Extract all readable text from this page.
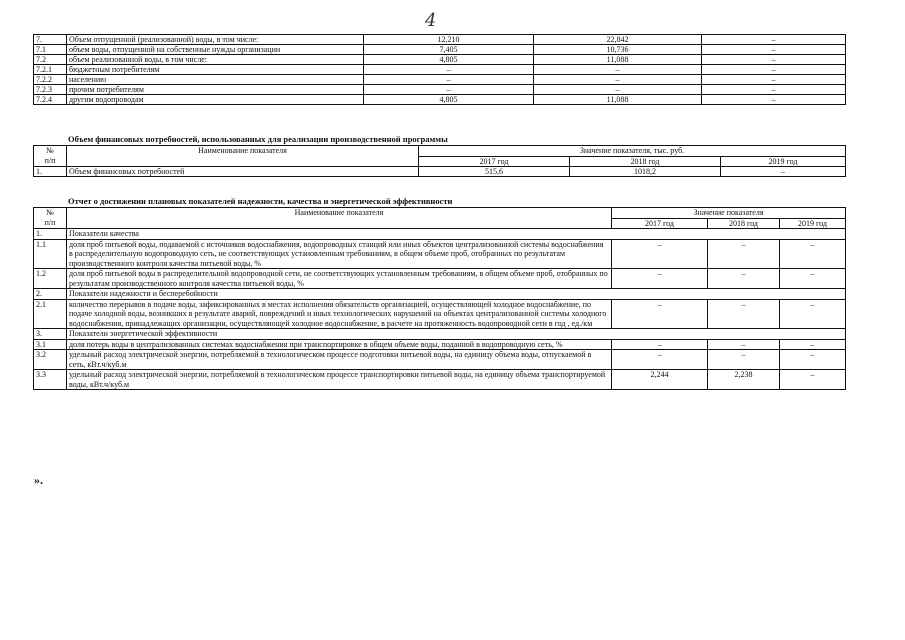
4
7.	Объем отпущенной (реализованной) воды, в том числе:	12,210	22,842	–
7.1	объем воды, отпущенной на собственные нужды организации	7,405	10,736	–
7.2	объем реализованной воды, в том числе:	4,805	11,088	–
7.2.1	бюджетным потребителям	–	–	–
7.2.2	населению	–	–	–
7.2.3	прочим потребителям	–	–	–
7.2.4	другим водопроводам	4,805	11,088	–
Объем финансовых потребностей, использованных для реализации производственной программы
№
п/п	Наименование показателя	Значение показателя, тыс. руб.		
		2017 год	2018 год	2019 год
1.	Объем финансовых потребностей	515,6	1018,2	–
Отчет о достижении плановых показателей надежности, качества и энергетической эффективности
№
п/п	Наименование показателя	Значение показателя		
		2017 год	2018 год	2019 год
1.	Показатели качества			
1.1	доля проб питьевой воды, подаваемой с источников водоснабжения, водопроводных станций или иных объектов централизованной системы водоснабжения в распределительную водопроводную сеть, не соответствующих установленным требованиям, в общем объеме проб, отобранных по результатам производственного контроля качества питьевой воды, %	–	–	–
1.2	доля проб питьевой воды в распределительной водопроводной сети, не соответствующих установленным требованиям, в общем объеме проб, отобранных по результатам производственного контроля качества питьевой воды, %	–	–	–
2.	Показатели надежности и бесперебойности			
2.1	количество перерывов в подаче воды, зафиксированных в местах исполнения обязательств организацией, осуществляющей холодное водоснабжение, по подаче холодной воды, возникших в результате аварий, повреждений и иных технологических нарушений на объектах централизованной системы холодного водоснабжения, принадлежащих организации, осуществляющей холодное водоснабжение, в расчете на протяженность водопроводной сети в год , ед./км	–	–	–
3.	Показатели энергетической эффективности			
3.1	доля потерь воды в централизованных системах водоснабжения при транспортировке в общем объеме воды, поданной в водопроводную сеть, %	–	–	–
3.2	удельный расход электрической энергии, потребляемой в технологическом процессе подготовки питьевой воды, на единицу объема воды, отпускаемой в сеть, кВт.ч/куб.м	–	–	–
3.3	удельный расход электрической энергии, потребляемой в технологическом процессе транспортировки питьевой воды, на единицу объема транспортируемой воды, кВт.ч/куб.м	2,244	2,238	–
».
